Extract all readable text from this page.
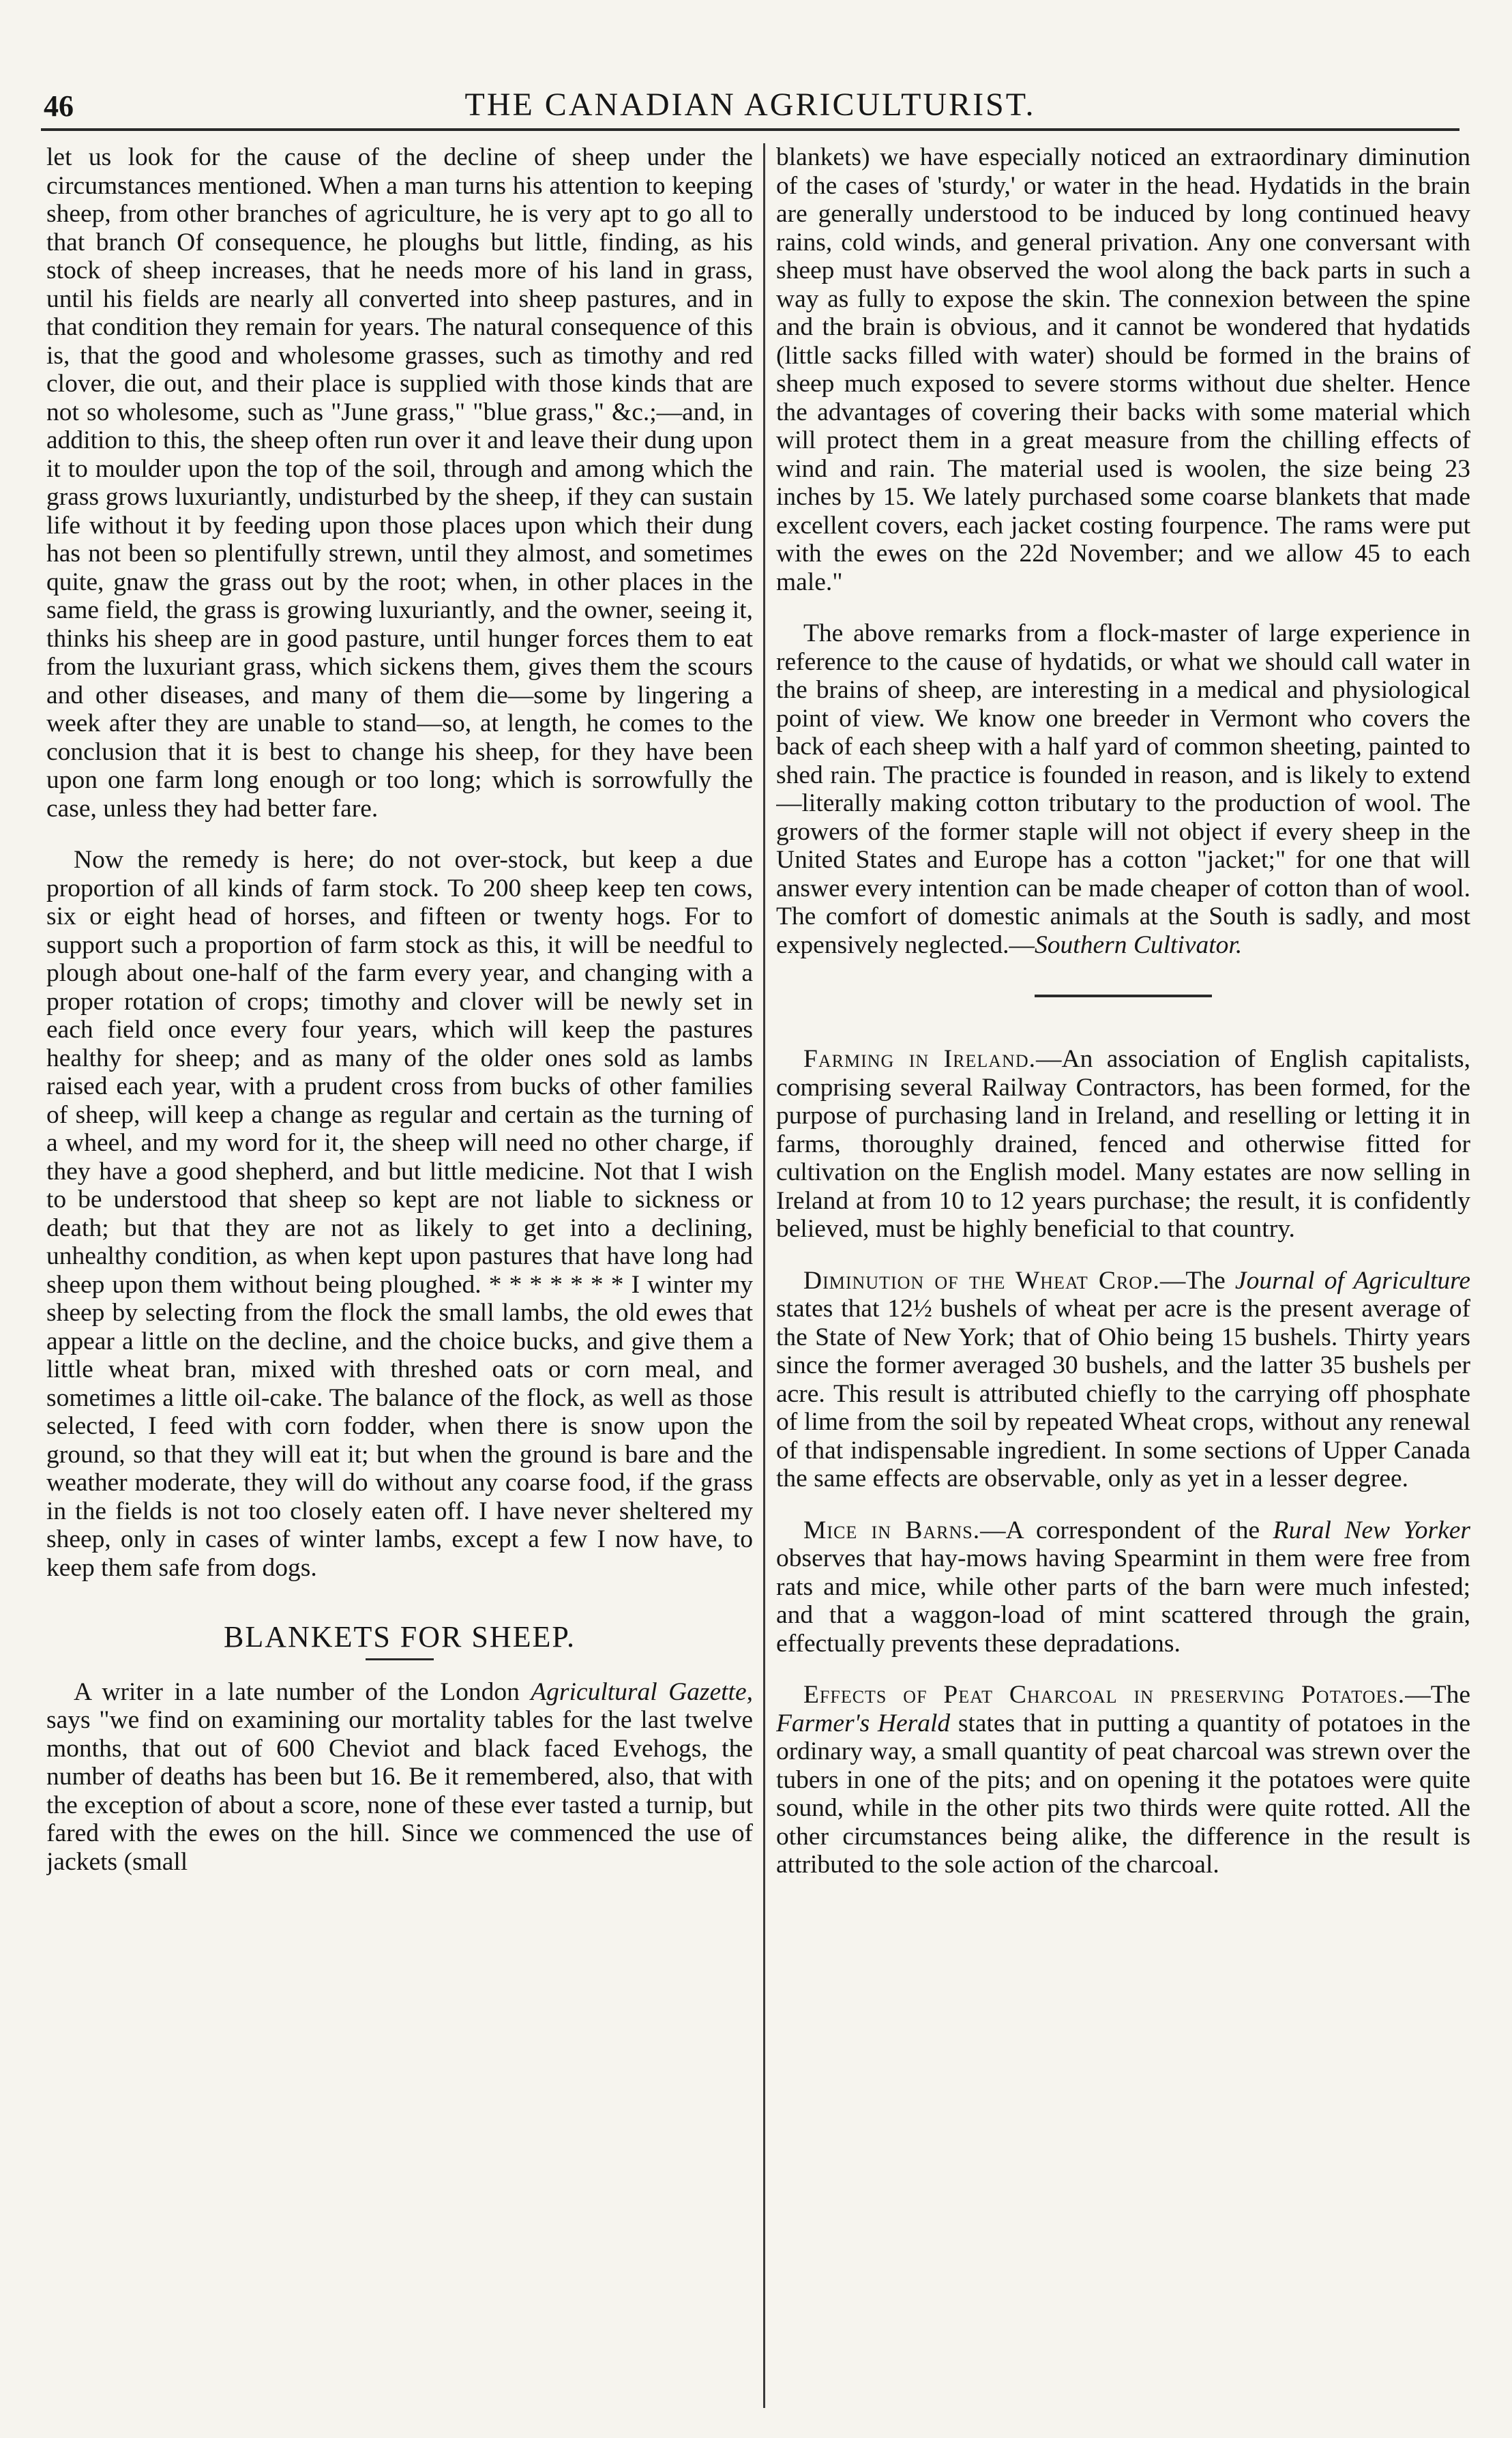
46	THE CANADIAN AGRICULTURIST.

let us look for the cause of the decline of sheep under the circumstances mentioned. When a man turns his attention to keeping sheep, from other branches of agriculture, he is very apt to go all to that branch Of consequence, he ploughs but little, finding, as his stock of sheep increases, that he needs more of his land in grass, until his fields are nearly all converted into sheep pastures, and in that condition they remain for years. The natural consequence of this is, that the good and wholesome grasses, such as timothy and red clover, die out, and their place is supplied with those kinds that are not so wholesome, such as "June grass," "blue grass," &c.;—and, in addition to this, the sheep often run over it and leave their dung upon it to moulder upon the top of the soil, through and among which the grass grows luxuriantly, undisturbed by the sheep, if they can sustain life without it by feeding upon those places upon which their dung has not been so plentifully strewn, until they almost, and sometimes quite, gnaw the grass out by the root; when, in other places in the same field, the grass is growing luxuriantly, and the owner, seeing it, thinks his sheep are in good pasture, until hunger forces them to eat from the luxuriant grass, which sickens them, gives them the scours and other diseases, and many of them die—some by lingering a week after they are unable to stand—so, at length, he comes to the conclusion that it is best to change his sheep, for they have been upon one farm long enough or too long; which is sorrowfully the case, unless they had better fare.

Now the remedy is here; do not over-stock, but keep a due proportion of all kinds of farm stock. To 200 sheep keep ten cows, six or eight head of horses, and fifteen or twenty hogs. For to support such a proportion of farm stock as this, it will be needful to plough about one-half of the farm every year, and changing with a proper rotation of crops; timothy and clover will be newly set in each field once every four years, which will keep the pastures healthy for sheep; and as many of the older ones sold as lambs raised each year, with a prudent cross from bucks of other families of sheep, will keep a change as regular and certain as the turning of a wheel, and my word for it, the sheep will need no other charge, if they have a good shepherd, and but little medicine. Not that I wish to be understood that sheep so kept are not liable to sickness or death; but that they are not as likely to get into a declining, unhealthy condition, as when kept upon pastures that have long had sheep upon them without being ploughed. * * * * * * * I winter my sheep by selecting from the flock the small lambs, the old ewes that appear a little on the decline, and the choice bucks, and give them a little wheat bran, mixed with threshed oats or corn meal, and sometimes a little oil-cake. The balance of the flock, as well as those selected, I feed with corn fodder, when there is snow upon the ground, so that they will eat it; but when the ground is bare and the weather moderate, they will do without any coarse food, if the grass in the fields is not too closely eaten off. I have never sheltered my sheep, only in cases of winter lambs, except a few I now have, to keep them safe from dogs.

BLANKETS FOR SHEEP.

A writer in a late number of the London Agricultural Gazette, says "we find on examining our mortality tables for the last twelve months, that out of 600 Cheviot and black faced Evehogs, the number of deaths has been but 16. Be it remembered, also, that with the exception of about a score, none of these ever tasted a turnip, but fared with the ewes on the hill. Since we commenced the use of jackets (small

blankets) we have especially noticed an extraordinary diminution of the cases of 'sturdy,' or water in the head. Hydatids in the brain are generally understood to be induced by long continued heavy rains, cold winds, and general privation. Any one conversant with sheep must have observed the wool along the back parts in such a way as fully to expose the skin. The connexion between the spine and the brain is obvious, and it cannot be wondered that hydatids (little sacks filled with water) should be formed in the brains of sheep much exposed to severe storms without due shelter. Hence the advantages of covering their backs with some material which will protect them in a great measure from the chilling effects of wind and rain. The material used is woolen, the size being 23 inches by 15. We lately purchased some coarse blankets that made excellent covers, each jacket costing fourpence. The rams were put with the ewes on the 22d November; and we allow 45 to each male."

The above remarks from a flock-master of large experience in reference to the cause of hydatids, or what we should call water in the brains of sheep, are interesting in a medical and physiological point of view. We know one breeder in Vermont who covers the back of each sheep with a half yard of common sheeting, painted to shed rain. The practice is founded in reason, and is likely to extend—literally making cotton tributary to the production of wool. The growers of the former staple will not object if every sheep in the United States and Europe has a cotton "jacket;" for one that will answer every intention can be made cheaper of cotton than of wool. The comfort of domestic animals at the South is sadly, and most expensively neglected.—Southern Cultivator.

Farming in Ireland.—An association of English capitalists, comprising several Railway Contractors, has been formed, for the purpose of purchasing land in Ireland, and reselling or letting it in farms, thoroughly drained, fenced and otherwise fitted for cultivation on the English model. Many estates are now selling in Ireland at from 10 to 12 years purchase; the result, it is confidently believed, must be highly beneficial to that country.

Diminution of the Wheat Crop.—The Journal of Agriculture states that 12½ bushels of wheat per acre is the present average of the State of New York; that of Ohio being 15 bushels. Thirty years since the former averaged 30 bushels, and the latter 35 bushels per acre. This result is attributed chiefly to the carrying off phosphate of lime from the soil by repeated Wheat crops, without any renewal of that indispensable ingredient. In some sections of Upper Canada the same effects are observable, only as yet in a lesser degree.

Mice in Barns.—A correspondent of the Rural New Yorker observes that hay-mows having Spearmint in them were free from rats and mice, while other parts of the barn were much infested; and that a waggon-load of mint scattered through the grain, effectually prevents these depradations.

Effects of Peat Charcoal in preserving Potatoes.—The Farmer's Herald states that in putting a quantity of potatoes in the ordinary way, a small quantity of peat charcoal was strewn over the tubers in one of the pits; and on opening it the potatoes were quite sound, while in the other pits two thirds were quite rotted. All the other circumstances being alike, the difference in the result is attributed to the sole action of the charcoal.
